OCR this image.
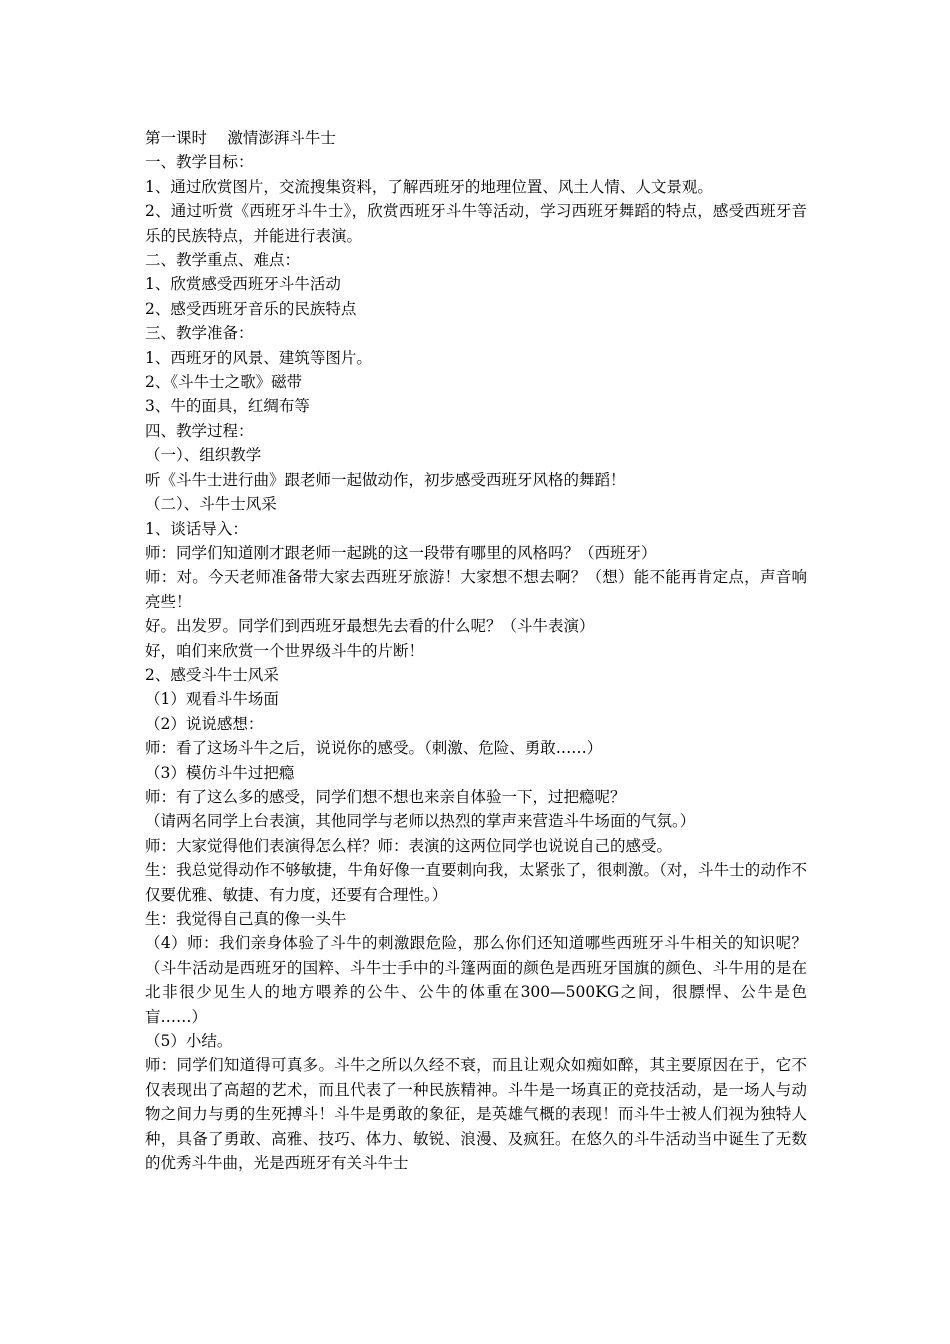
第一课时　 激情澎湃斗牛士
一、教学目标：
1、通过欣赏图片，交流搜集资料，了解西班牙的地理位置、风土人情、人文景观。
2、通过听赏《西班牙斗牛士》，欣赏西班牙斗牛等活动，学习西班牙舞蹈的特点，感受西班牙音乐的民族特点，并能进行表演。
二、教学重点、难点：
1、欣赏感受西班牙斗牛活动
2、感受西班牙音乐的民族特点
三、教学准备：
1、西班牙的风景、建筑等图片。
2、《斗牛士之歌》磁带
3、牛的面具，红绸布等
四、教学过程：
（一）、组织教学
听《斗牛士进行曲》跟老师一起做动作，初步感受西班牙风格的舞蹈！
（二）、斗牛士风采
1、谈话导入：
师：同学们知道刚才跟老师一起跳的这一段带有哪里的风格吗？（西班牙）
师：对。今天老师准备带大家去西班牙旅游！大家想不想去啊？（想）能不能再肯定点，声音响亮些！
好。出发罗。同学们到西班牙最想先去看的什么呢？（斗牛表演）
好，咱们来欣赏一个世界级斗牛的片断！
2、感受斗牛士风采
（1）观看斗牛场面
（2）说说感想：
师：看了这场斗牛之后，说说你的感受。（刺激、危险、勇敢……）
（3）模仿斗牛过把瘾
师：有了这么多的感受，同学们想不想也来亲自体验一下，过把瘾呢？
（请两名同学上台表演，其他同学与老师以热烈的掌声来营造斗牛场面的气氛。）
师：大家觉得他们表演得怎么样？师：表演的这两位同学也说说自己的感受。
生：我总觉得动作不够敏捷，牛角好像一直要刺向我，太紧张了，很刺激。（对，斗牛士的动作不仅要优雅、敏捷、有力度，还要有合理性。）
生：我觉得自己真的像一头牛
（4）师：我们亲身体验了斗牛的刺激跟危险，那么你们还知道哪些西班牙斗牛相关的知识呢？（斗牛活动是西班牙的国粹、斗牛士手中的斗篷两面的颜色是西班牙国旗的颜色、斗牛用的是在北非很少见生人的地方喂养的公牛、公牛的体重在300—500KG之间，很膘悍、公牛是色盲……）
（5）小结。
师：同学们知道得可真多。斗牛之所以久经不衰，而且让观众如痴如醉，其主要原因在于，它不仅表现出了高超的艺术，而且代表了一种民族精神。斗牛是一场真正的竞技活动，是一场人与动物之间力与勇的生死搏斗！斗牛是勇敢的象征，是英雄气概的表现！而斗牛士被人们视为独特人种，具备了勇敢、高雅、技巧、体力、敏锐、浪漫、及疯狂。在悠久的斗牛活动当中诞生了无数的优秀斗牛曲，光是西班牙有关斗牛士
